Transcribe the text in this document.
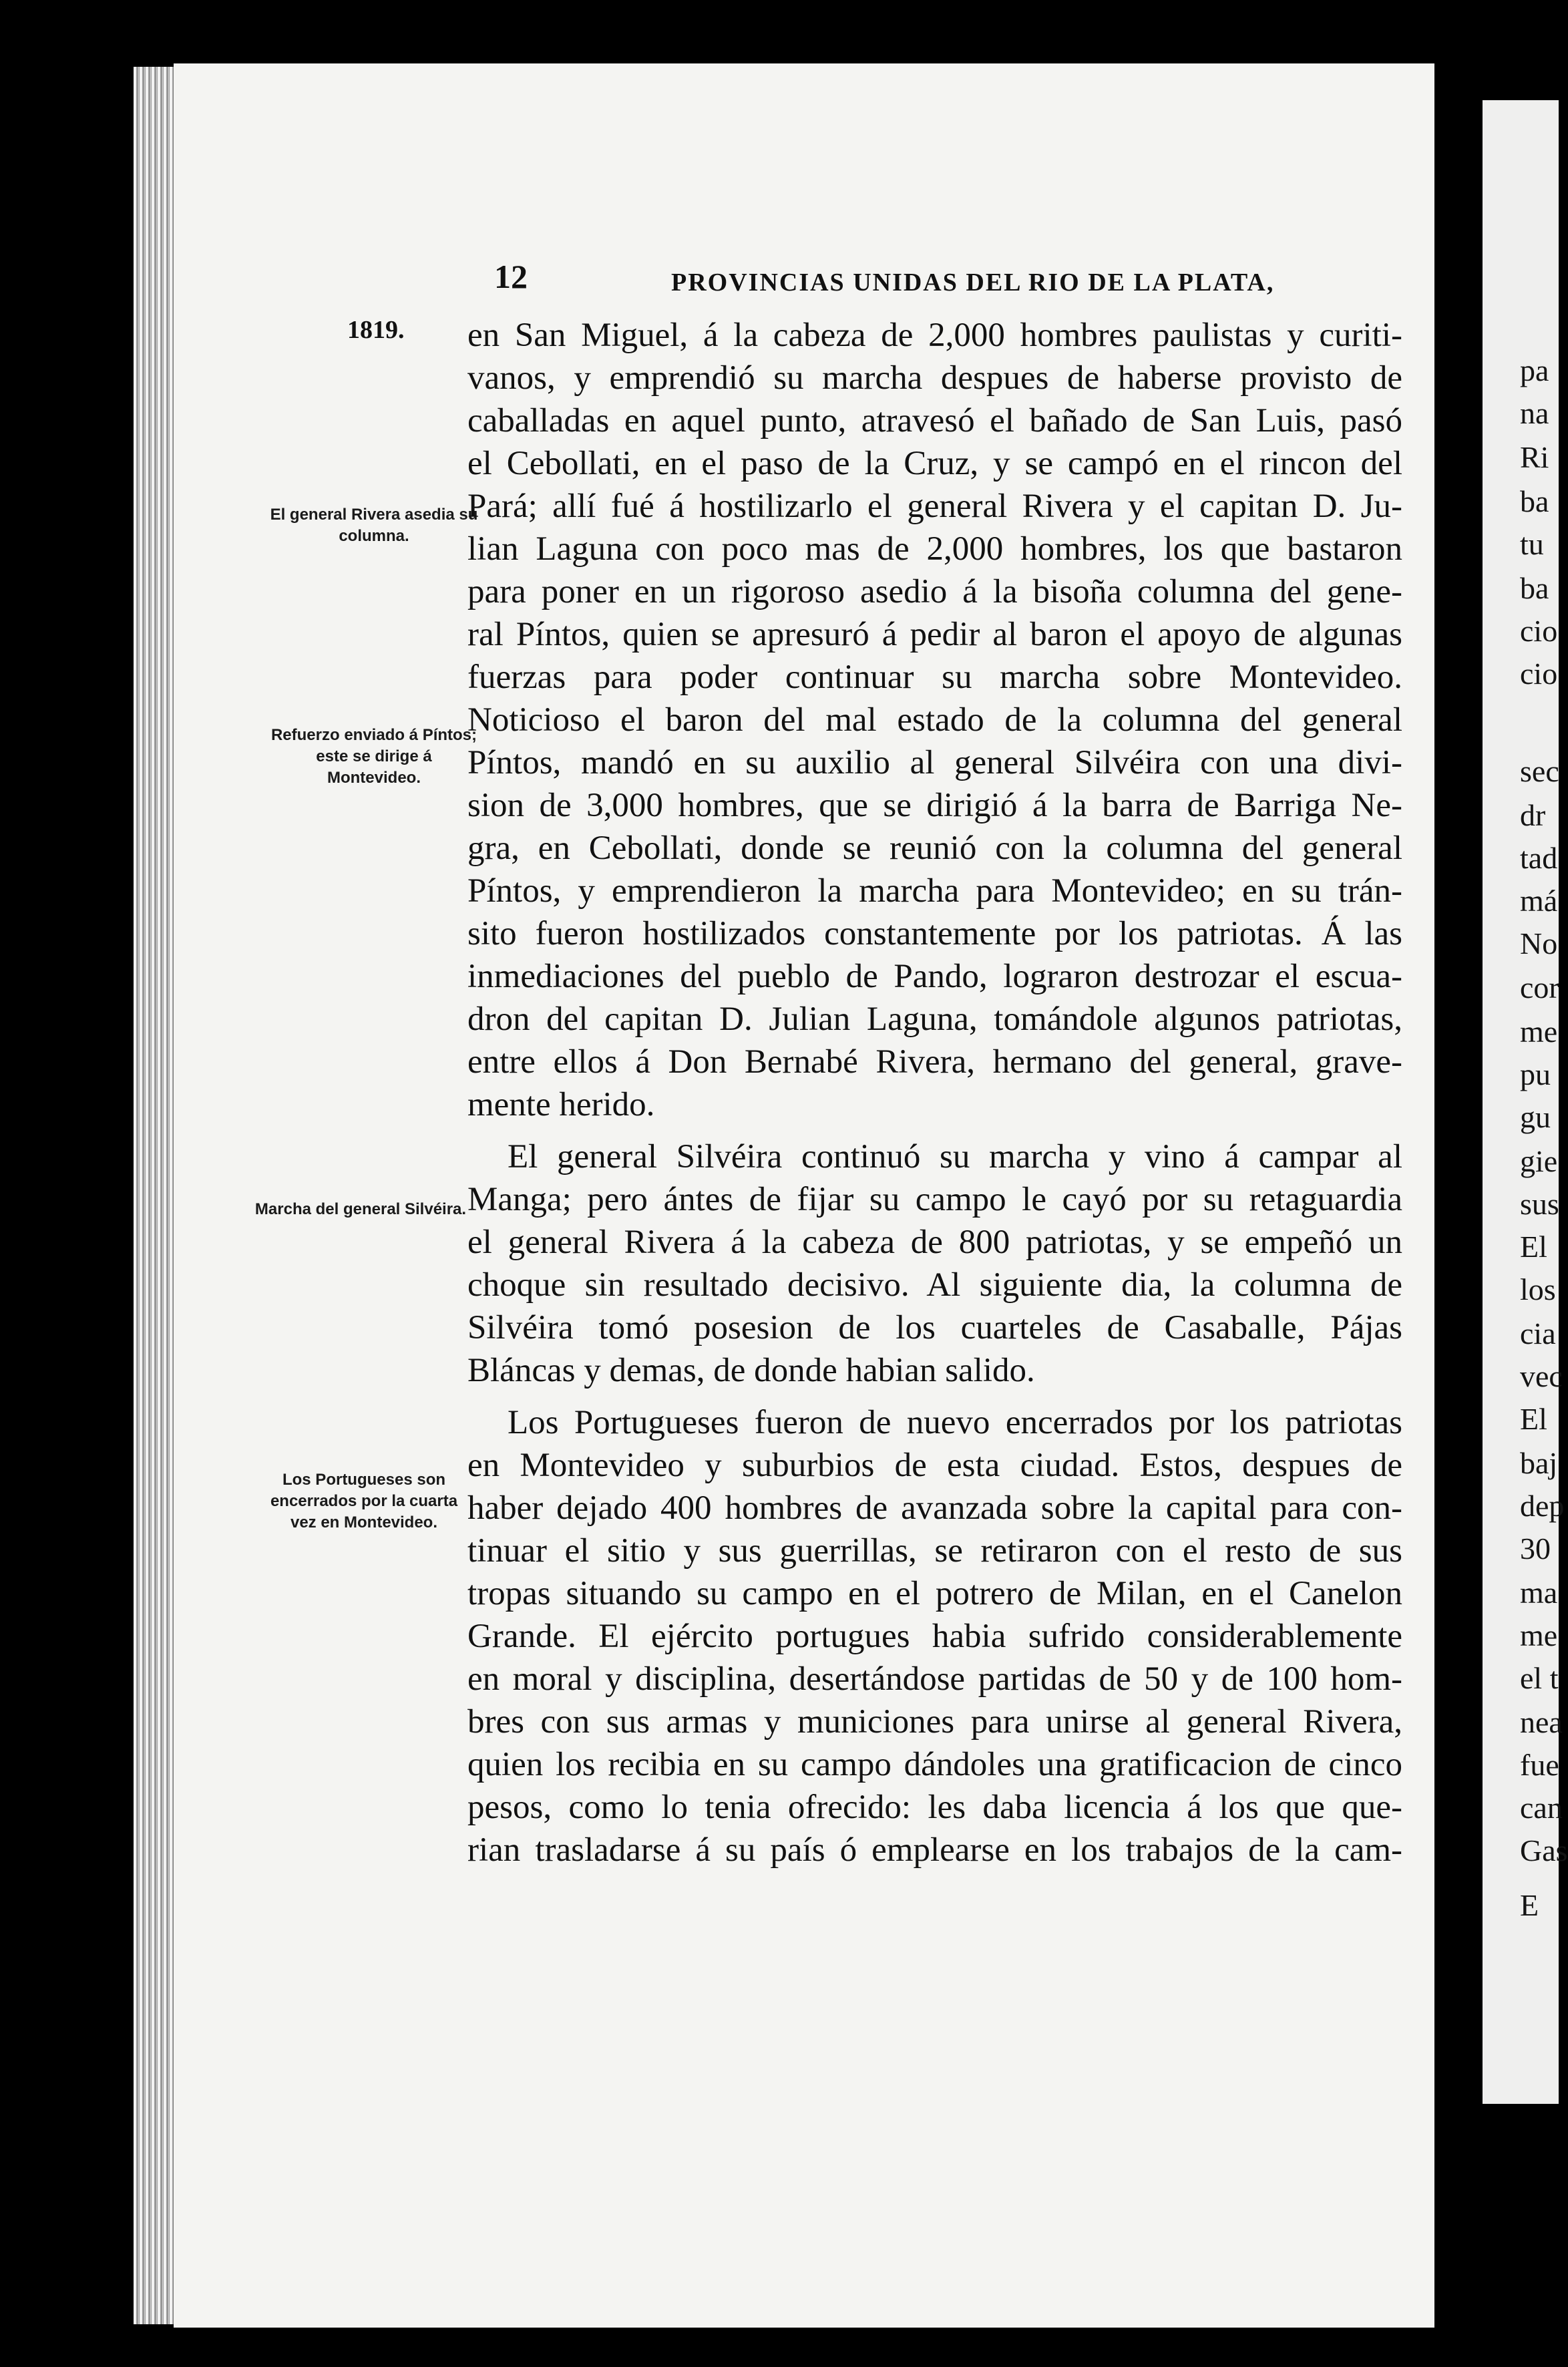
pa
na
Ri
ba
tu
ba
cio
cio
sec
dr
tad
má
No
cor
me
pu
gu
gie
sus
El
los
cia
vec
El
baj
dep
30
ma
me
el t
nea
fue
can
Gas
E
12	PROVINCIAS UNIDAS DEL RIO DE LA PLATA,
1819.
El general Rivera asedia su columna.
Refuerzo enviado á Píntos; este se dirige á Montevideo.
Marcha del general Silvéira.
Los Portugueses son encerrados por la cuarta vez en Montevideo.
en San Miguel, á la cabeza de 2,000 hombres paulistas y curiti-
vanos, y emprendió su marcha despues de haberse provisto de
caballadas en aquel punto, atravesó el bañado de San Luis, pasó
el Cebollati, en el paso de la Cruz, y se campó en el rincon del
Pará; allí fué á hostilizarlo el general Rivera y el capitan D. Ju-
lian Laguna con poco mas de 2,000 hombres, los que bastaron
para poner en un rigoroso asedio á la bisoña columna del gene-
ral Píntos, quien se apresuró á pedir al baron el apoyo de algunas
fuerzas para poder continuar su marcha sobre Montevideo.
Noticioso el baron del mal estado de la columna del general
Píntos, mandó en su auxilio al general Silvéira con una divi-
sion de 3,000 hombres, que se dirigió á la barra de Barriga Ne-
gra, en Cebollati, donde se reunió con la columna del general
Píntos, y emprendieron la marcha para Montevideo; en su trán-
sito fueron hostilizados constantemente por los patriotas. Á las
inmediaciones del pueblo de Pando, lograron destrozar el escua-
dron del capitan D. Julian Laguna, tomándole algunos patriotas,
entre ellos á Don Bernabé Rivera, hermano del general, grave-
mente herido.
El general Silvéira continuó su marcha y vino á campar al
Manga; pero ántes de fijar su campo le cayó por su retaguardia
el general Rivera á la cabeza de 800 patriotas, y se empeñó un
choque sin resultado decisivo. Al siguiente dia, la columna de
Silvéira tomó posesion de los cuarteles de Casaballe, Pájas
Bláncas y demas, de donde habian salido.
Los Portugueses fueron de nuevo encerrados por los patriotas
en Montevideo y suburbios de esta ciudad. Estos, despues de
haber dejado 400 hombres de avanzada sobre la capital para con-
tinuar el sitio y sus guerrillas, se retiraron con el resto de sus
tropas situando su campo en el potrero de Milan, en el Canelon
Grande. El ejército portugues habia sufrido considerablemente
en moral y disciplina, desertándose partidas de 50 y de 100 hom-
bres con sus armas y municiones para unirse al general Rivera,
quien los recibia en su campo dándoles una gratificacion de cinco
pesos, como lo tenia ofrecido: les daba licencia á los que que-
rian trasladarse á su país ó emplearse en los trabajos de la cam-
